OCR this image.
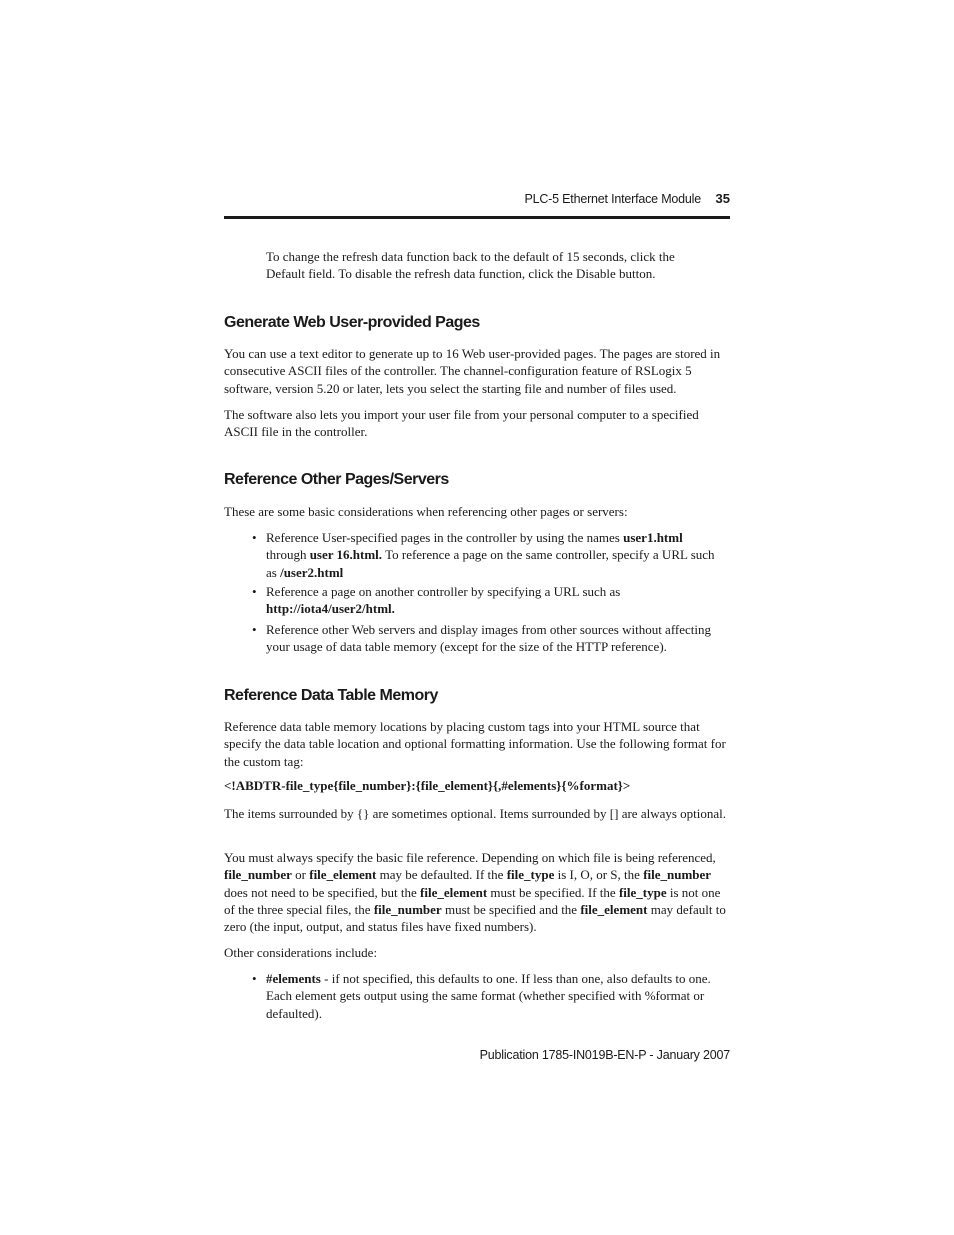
PLC-5 Ethernet Interface Module 35

To change the refresh data function back to the default of 15 seconds, click the Default field. To disable the refresh data function, click the Disable button.

Generate Web User-provided Pages

You can use a text editor to generate up to 16 Web user-provided pages. The pages are stored in consecutive ASCII files of the controller. The channel-configuration feature of RSLogix 5 software, version 5.20 or later, lets you select the starting file and number of files used.

The software also lets you import your user file from your personal computer to a specified ASCII file in the controller.

Reference Other Pages/Servers

These are some basic considerations when referencing other pages or servers:

• Reference User-specified pages in the controller by using the names user1.html through user 16.html. To reference a page on the same controller, specify a URL such as /user2.html
• Reference a page on another controller by specifying a URL such as http://iota4/user2/html.
• Reference other Web servers and display images from other sources without affecting your usage of data table memory (except for the size of the HTTP reference).
Reference Data Table Memory

Reference data table memory locations by placing custom tags into your HTML source that specify the data table location and optional formatting information. Use the following format for the custom tag:

<!ABDTR-file_type{file_number}:{file_element}{,#elements}{%format}>

The items surrounded by {} are sometimes optional. Items surrounded by [] are always optional.

You must always specify the basic file reference. Depending on which file is being referenced, file_number or file_element may be defaulted. If the file_type is I, O, or S, the file_number does not need to be specified, but the file_element must be specified. If the file_type is not one of the three special files, the file_number must be specified and the file_element may default to zero (the input, output, and status files have fixed numbers).

Other considerations include:

• #elements - if not specified, this defaults to one. If less than one, also defaults to one. Each element gets output using the same format (whether specified with %format or defaulted).
Publication 1785-IN019B-EN-P - January 2007
